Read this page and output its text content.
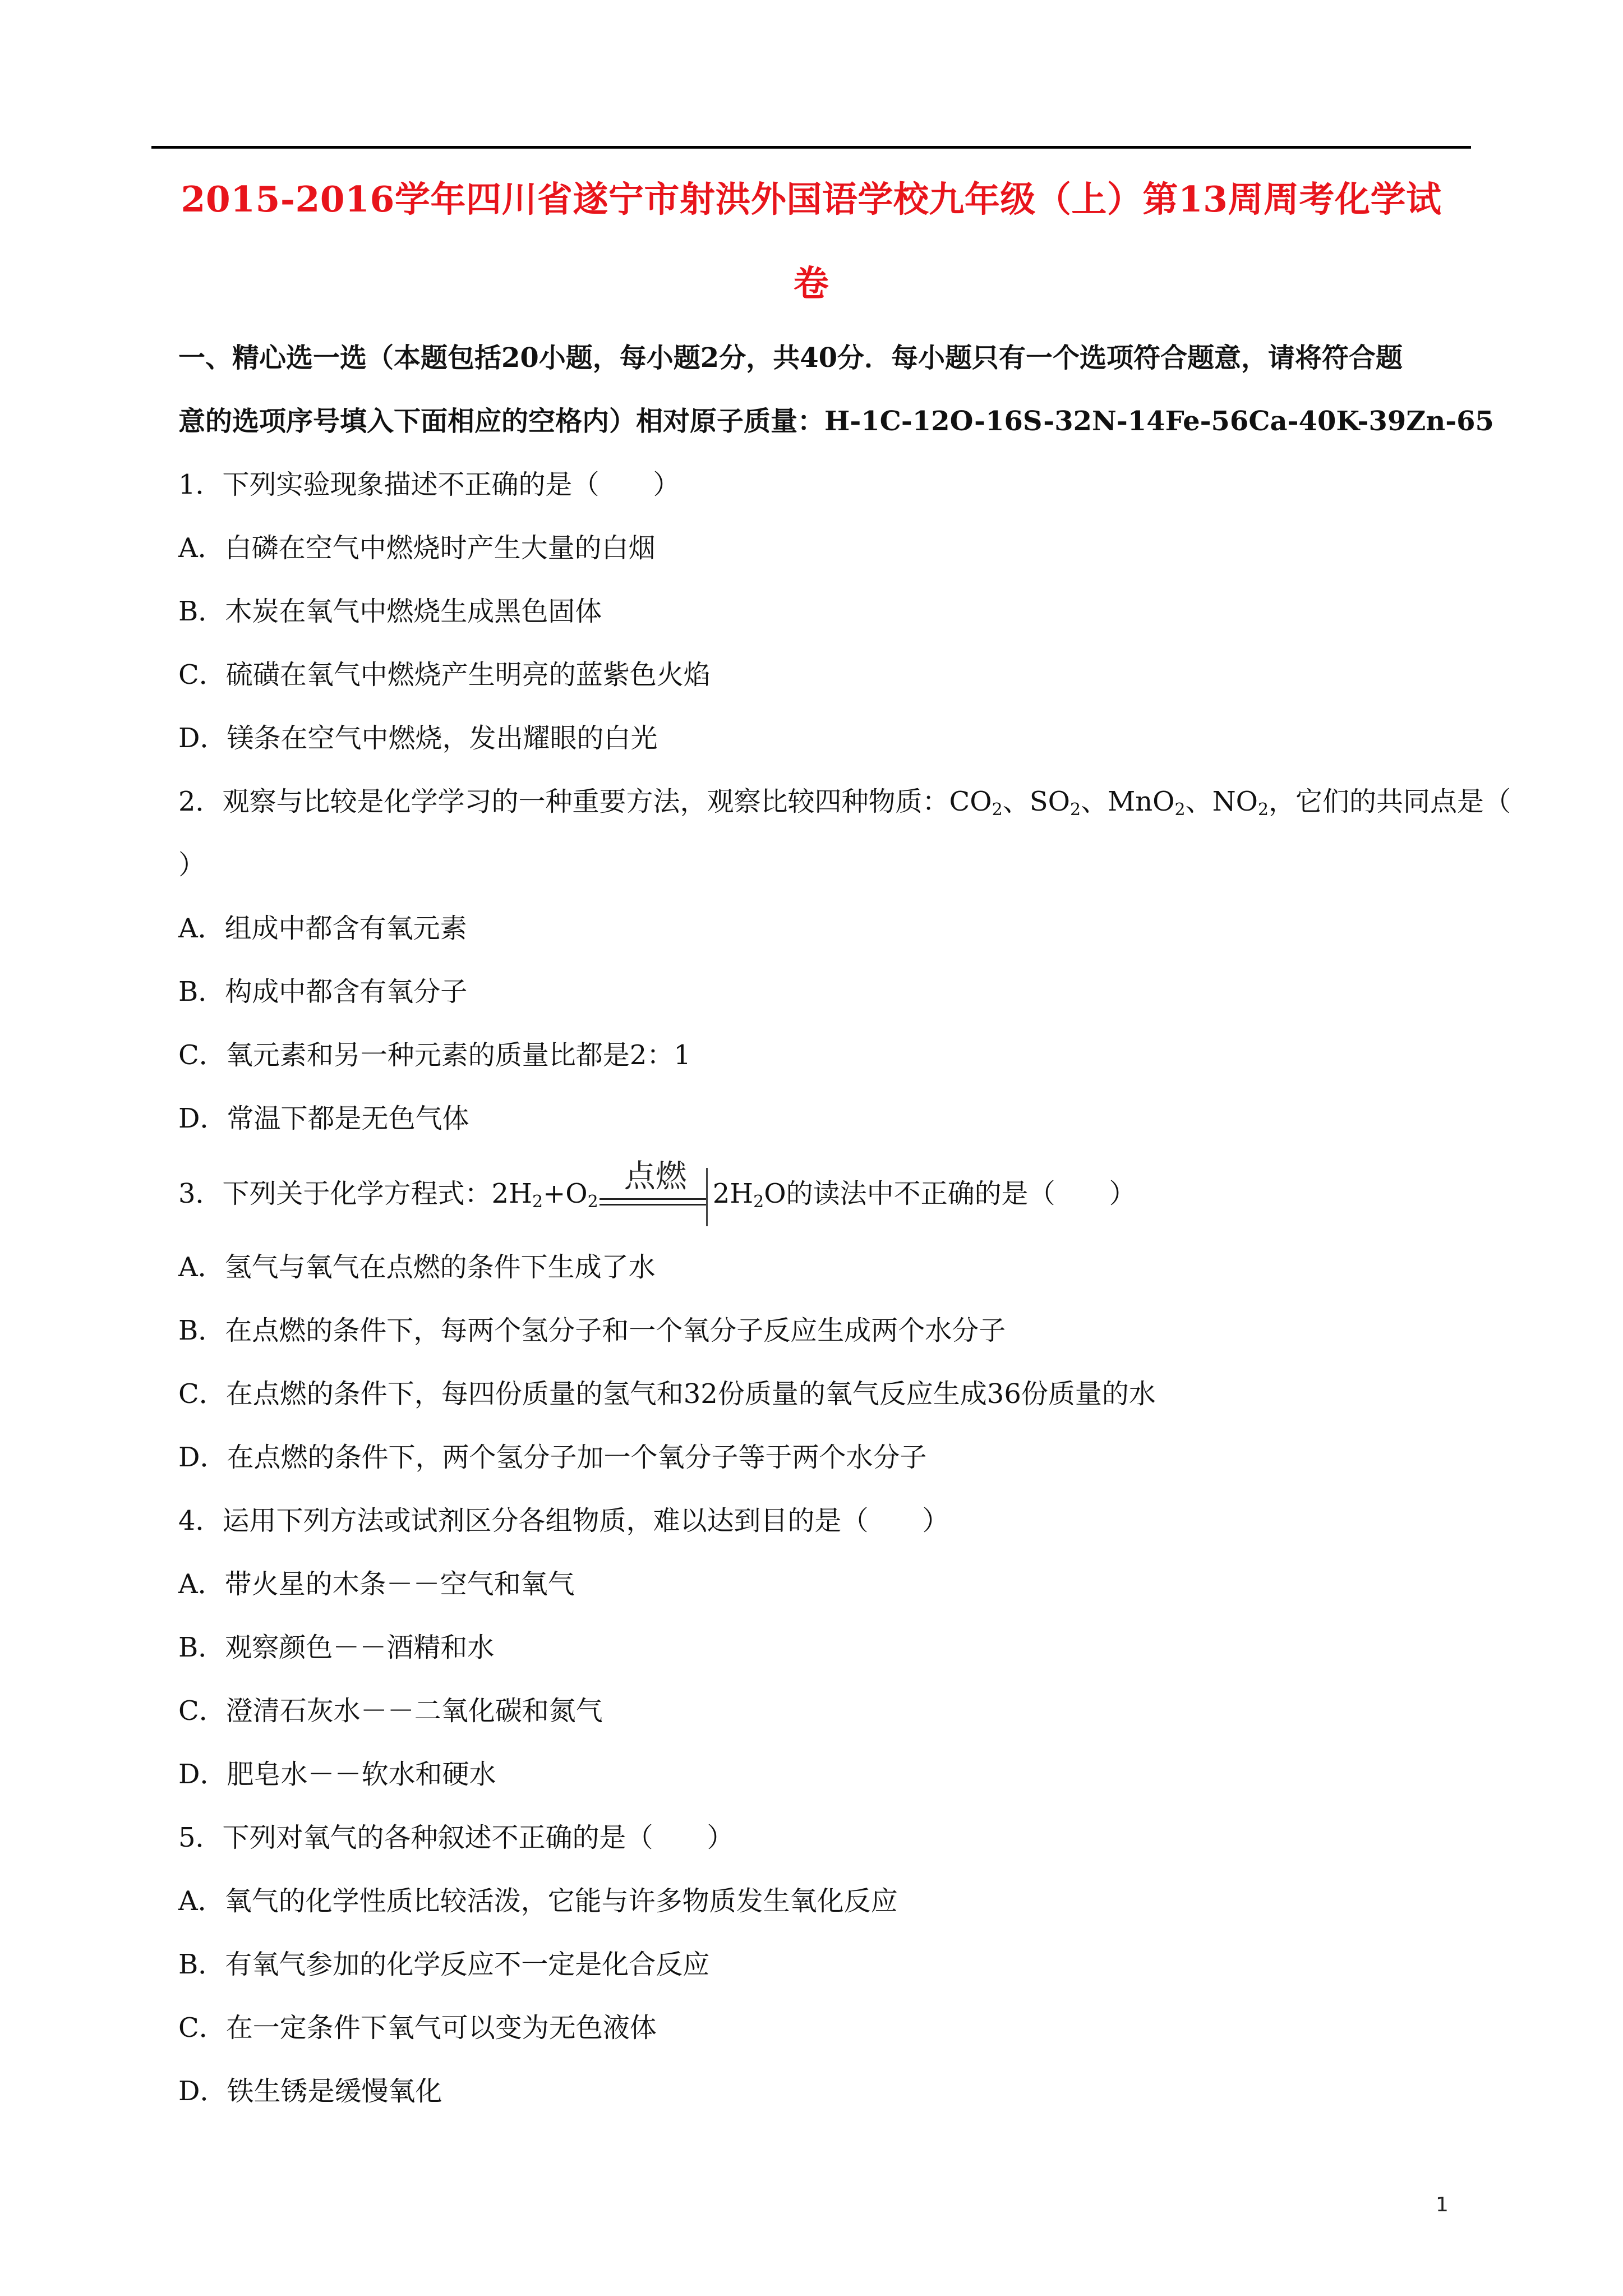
2015-2016学年四川省遂宁市射洪外国语学校九年级（上）第13周周考化学试
卷
一、精心选一选（本题包括20小题，每小题2分，共40分．每小题只有一个选项符合题意，请将符合题
意的选项序号填入下面相应的空格内）相对原子质量：H-1C-12O-16S-32N-14Fe-56Ca-40K-39Zn-65
1．下列实验现象描述不正确的是（　　）
A．白磷在空气中燃烧时产生大量的白烟
B．木炭在氧气中燃烧生成黑色固体
C．硫磺在氧气中燃烧产生明亮的蓝紫色火焰
D．镁条在空气中燃烧，发出耀眼的白光
2．观察与比较是化学学习的一种重要方法，观察比较四种物质：$CO_2$、$SO_2$、MnO$_2$、$NO_2$，它们的共同点是（
）
A．组成中都含有氧元素
B．构成中都含有氧分子
C．氧元素和另一种元素的质量比都是2：1
D．常温下都是无色气体
3．下列关于化学方程式：$2H_2+O_2$
点燃 $2H_2O$的读法中不正确的是（　　）
A．氢气与氧气在点燃的条件下生成了水
B．在点燃的条件下，每两个氢分子和一个氧分子反应生成两个水分子
C．在点燃的条件下，每四份质量的氢气和32份质量的氧气反应生成36份质量的水
D．在点燃的条件下，两个氢分子加一个氧分子等于两个水分子
4．运用下列方法或试剂区分各组物质，难以达到目的是（　　）
A．带火星的木条－－空气和氧气
B．观察颜色－－酒精和水
C．澄清石灰水－－二氧化碳和氮气
D．肥皂水－－软水和硬水
5．下列对氧气的各种叙述不正确的是（　　）
A．氧气的化学性质比较活泼，它能与许多物质发生氧化反应
B．有氧气参加的化学反应不一定是化合反应
C．在一定条件下氧气可以变为无色液体
D．铁生锈是缓慢氧化
1
